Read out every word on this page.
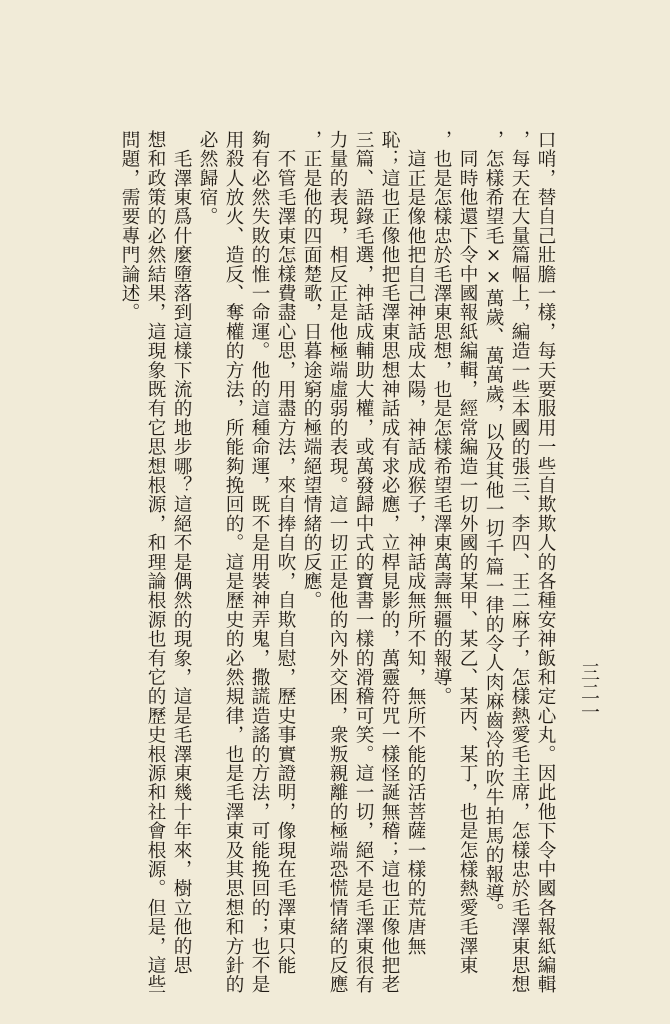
三二一
口哨，替自己壯膽一樣，每天要服用一些自欺欺人的各種安神飯和定心丸。因此他下令中國各報紙編輯
，每天在大量篇幅上，編造一些本國的張三、李四、王二麻子，怎樣熱愛毛主席，怎樣忠於毛澤東思想
，怎樣希望毛××萬歲、萬萬歲，以及其他一切千篇一律的令人肉麻齒冷的吹牛拍馬的報導。
　同時他還下令中國報紙編輯，經常編造一切外國的某甲、某乙、某丙、某丁，也是怎樣熱愛毛澤東
，也是怎樣忠於毛澤東思想，也是怎樣希望毛澤東萬壽無疆的報導。
　這正是像他把自己神話成太陽，神話成猴子，神話成無所不知，無所不能的活菩薩一樣的荒唐無
恥；這也正像他把毛澤東思想神話成有求必應，立桿見影的，萬靈符咒一樣怪誕無稽；這也正像他把老
三篇、語錄毛選，神話成輔助大權，或萬發歸中式的寶書一樣的滑稽可笑。這一切，絕不是毛澤東很有
力量的表現，相反正是他極端虛弱的表現。這一切正是他的內外交困，衆叛親離的極端恐慌情緒的反應
，正是他的四面楚歌，日暮途窮的極端絕望情緒的反應。
　不管毛澤東怎樣費盡心思，用盡方法，來自捧自吹，自欺自慰，歷史事實證明，像現在毛澤東只能
夠有必然失敗的惟一命運。他的這種命運，既不是用裝神弄鬼，撒謊造謠的方法，可能挽回的；也不是
用殺人放火、造反、奪權的方法，所能夠挽回的。這是歷史的必然規律，也是毛澤東及其思想和方針的
必然歸宿。
　毛澤東爲什麼墮落到這樣下流的地步哪？這絕不是偶然的現象，這是毛澤東幾十年來，樹立他的思
想和政策的必然結果，這現象既有它思想根源，和理論根源也有它的歷史根源和社會根源。但是，這些
問題，需要專門論述。
